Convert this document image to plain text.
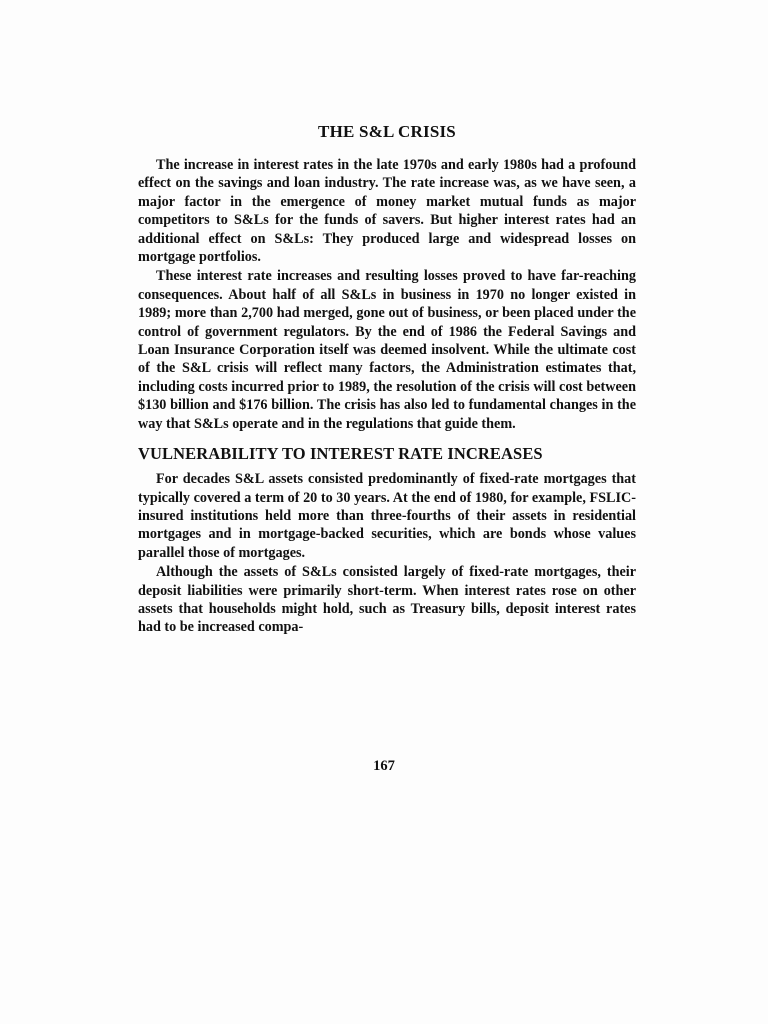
THE S&L CRISIS

The increase in interest rates in the late 1970s and early 1980s had a profound effect on the savings and loan industry. The rate increase was, as we have seen, a major factor in the emergence of money market mutual funds as major competitors to S&Ls for the funds of savers. But higher interest rates had an additional effect on S&Ls: They produced large and widespread losses on mortgage portfolios.

These interest rate increases and resulting losses proved to have far-reaching consequences. About half of all S&Ls in business in 1970 no longer existed in 1989; more than 2,700 had merged, gone out of business, or been placed under the control of government regulators. By the end of 1986 the Federal Savings and Loan Insurance Corporation itself was deemed insolvent. While the ultimate cost of the S&L crisis will reflect many factors, the Administration estimates that, including costs incurred prior to 1989, the resolution of the crisis will cost between $130 billion and $176 billion. The crisis has also led to fundamental changes in the way that S&Ls operate and in the regulations that guide them.

VULNERABILITY TO INTEREST RATE INCREASES

For decades S&L assets consisted predominantly of fixed-rate mortgages that typically covered a term of 20 to 30 years. At the end of 1980, for example, FSLIC-insured institutions held more than three-fourths of their assets in residential mortgages and in mortgage-backed securities, which are bonds whose values parallel those of mortgages.

Although the assets of S&Ls consisted largely of fixed-rate mortgages, their deposit liabilities were primarily short-term. When interest rates rose on other assets that households might hold, such as Treasury bills, deposit interest rates had to be increased compa-

167
